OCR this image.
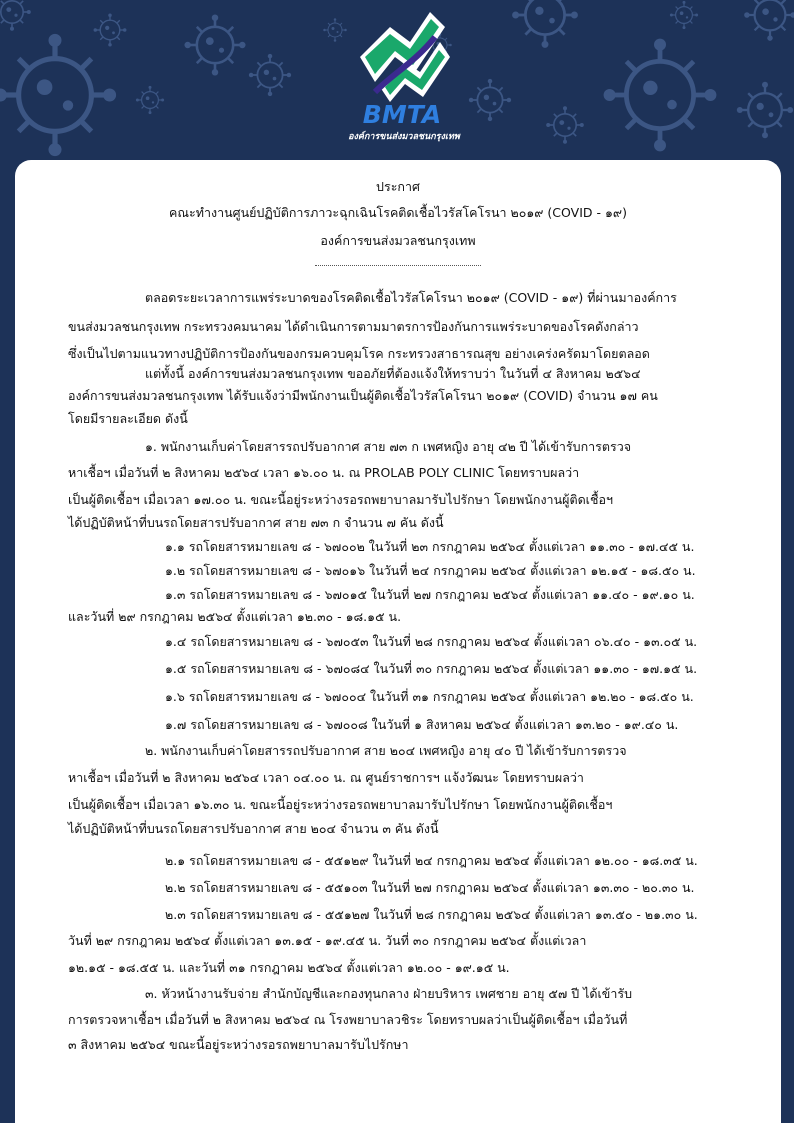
BMTA
องค์การขนส่งมวลชนกรุงเทพ
ประกาศ
คณะทำงานศูนย์ปฏิบัติการภาวะฉุกเฉินโรคติดเชื้อไวรัสโคโรนา ๒๐๑๙ (COVID - ๑๙)
องค์การขนส่งมวลชนกรุงเทพ
ตลอดระยะเวลาการแพร่ระบาดของโรคติดเชื้อไวรัสโคโรนา ๒๐๑๙ (COVID - ๑๙) ที่ผ่านมาองค์การ
ขนส่งมวลชนกรุงเทพ กระทรวงคมนาคม ได้ดำเนินการตามมาตรการป้องกันการแพร่ระบาดของโรคดังกล่าว
ซึ่งเป็นไปตามแนวทางปฏิบัติการป้องกันของกรมควบคุมโรค กระทรวงสาธารณสุข อย่างเคร่งครัดมาโดยตลอด
แต่ทั้งนี้ องค์การขนส่งมวลชนกรุงเทพ ขออภัยที่ต้องแจ้งให้ทราบว่า ในวันที่ ๔ สิงหาคม ๒๕๖๔
องค์การขนส่งมวลชนกรุงเทพ ได้รับแจ้งว่ามีพนักงานเป็นผู้ติดเชื้อไวรัสโคโรนา ๒๐๑๙ (COVID) จำนวน ๑๗ คน
โดยมีรายละเอียด ดังนี้
๑. พนักงานเก็บค่าโดยสารรถปรับอากาศ สาย ๗๓ ก เพศหญิง อายุ ๔๒ ปี ได้เข้ารับการตรวจ
หาเชื้อฯ เมื่อวันที่ ๒ สิงหาคม ๒๕๖๔ เวลา ๑๖.๐๐ น. ณ PROLAB POLY CLINIC โดยทราบผลว่า
เป็นผู้ติดเชื้อฯ เมื่อเวลา ๑๗.๐๐ น. ขณะนี้อยู่ระหว่างรอรถพยาบาลมารับไปรักษา โดยพนักงานผู้ติดเชื้อฯ
ได้ปฏิบัติหน้าที่บนรถโดยสารปรับอากาศ สาย ๗๓ ก จำนวน ๗ คัน ดังนี้
๑.๑ รถโดยสารหมายเลข ๘ - ๖๗๐๐๒ ในวันที่ ๒๓ กรกฎาคม ๒๕๖๔ ตั้งแต่เวลา ๑๑.๓๐ - ๑๗.๔๕ น.
๑.๒ รถโดยสารหมายเลข ๘ - ๖๗๐๑๖ ในวันที่ ๒๔ กรกฎาคม ๒๕๖๔ ตั้งแต่เวลา ๑๒.๑๕ - ๑๘.๕๐ น.
๑.๓ รถโดยสารหมายเลข ๘ - ๖๗๐๑๕ ในวันที่ ๒๗ กรกฎาคม ๒๕๖๔ ตั้งแต่เวลา ๑๑.๔๐ - ๑๙.๑๐ น.
และวันที่ ๒๙ กรกฎาคม ๒๕๖๔ ตั้งแต่เวลา ๑๒.๓๐ - ๑๘.๑๕ น.
๑.๔ รถโดยสารหมายเลข ๘ - ๖๗๐๕๓ ในวันที่ ๒๘ กรกฎาคม ๒๕๖๔ ตั้งแต่เวลา ๐๖.๔๐ - ๑๓.๐๕ น.
๑.๕ รถโดยสารหมายเลข ๘ - ๖๗๐๘๔ ในวันที่ ๓๐ กรกฎาคม ๒๕๖๔ ตั้งแต่เวลา ๑๑.๓๐ - ๑๗.๑๕ น.
๑.๖ รถโดยสารหมายเลข ๘ - ๖๗๐๐๔ ในวันที่ ๓๑ กรกฎาคม ๒๕๖๔ ตั้งแต่เวลา ๑๒.๒๐ - ๑๘.๕๐ น.
๑.๗ รถโดยสารหมายเลข ๘ - ๖๗๐๐๘ ในวันที่ ๑ สิงหาคม ๒๕๖๔ ตั้งแต่เวลา ๑๓.๒๐ - ๑๙.๔๐ น.
๒. พนักงานเก็บค่าโดยสารรถปรับอากาศ สาย ๒๐๔ เพศหญิง อายุ ๔๐ ปี ได้เข้ารับการตรวจ
หาเชื้อฯ เมื่อวันที่ ๒ สิงหาคม ๒๕๖๔ เวลา ๐๔.๐๐ น. ณ ศูนย์ราชการฯ แจ้งวัฒนะ โดยทราบผลว่า
เป็นผู้ติดเชื้อฯ เมื่อเวลา ๑๖.๓๐ น. ขณะนี้อยู่ระหว่างรอรถพยาบาลมารับไปรักษา โดยพนักงานผู้ติดเชื้อฯ
ได้ปฏิบัติหน้าที่บนรถโดยสารปรับอากาศ สาย ๒๐๔ จำนวน ๓ คัน ดังนี้
๒.๑ รถโดยสารหมายเลข ๘ - ๕๕๑๒๙ ในวันที่ ๒๔ กรกฎาคม ๒๕๖๔ ตั้งแต่เวลา ๑๒.๐๐ - ๑๘.๓๕ น.
๒.๒ รถโดยสารหมายเลข ๘ - ๕๕๑๐๓ ในวันที่ ๒๗ กรกฎาคม ๒๕๖๔ ตั้งแต่เวลา ๑๓.๓๐ - ๒๐.๓๐ น.
๒.๓ รถโดยสารหมายเลข ๘ - ๕๕๑๒๗ ในวันที่ ๒๘ กรกฎาคม ๒๕๖๔ ตั้งแต่เวลา ๑๓.๕๐ - ๒๑.๓๐ น.
วันที่ ๒๙ กรกฎาคม ๒๕๖๔ ตั้งแต่เวลา ๑๓.๑๕ - ๑๙.๔๕ น. วันที่ ๓๐ กรกฎาคม ๒๕๖๔ ตั้งแต่เวลา
๑๒.๑๕ - ๑๘.๕๕ น. และวันที่ ๓๑ กรกฎาคม ๒๕๖๔ ตั้งแต่เวลา ๑๒.๐๐ - ๑๙.๑๕ น.
๓. หัวหน้างานรับจ่าย สำนักบัญชีและกองทุนกลาง ฝ่ายบริหาร เพศชาย อายุ ๕๗ ปี ได้เข้ารับ
การตรวจหาเชื้อฯ เมื่อวันที่ ๒ สิงหาคม ๒๕๖๔ ณ โรงพยาบาลวชิระ โดยทราบผลว่าเป็นผู้ติดเชื้อฯ เมื่อวันที่
๓ สิงหาคม ๒๕๖๔ ขณะนี้อยู่ระหว่างรอรถพยาบาลมารับไปรักษา
